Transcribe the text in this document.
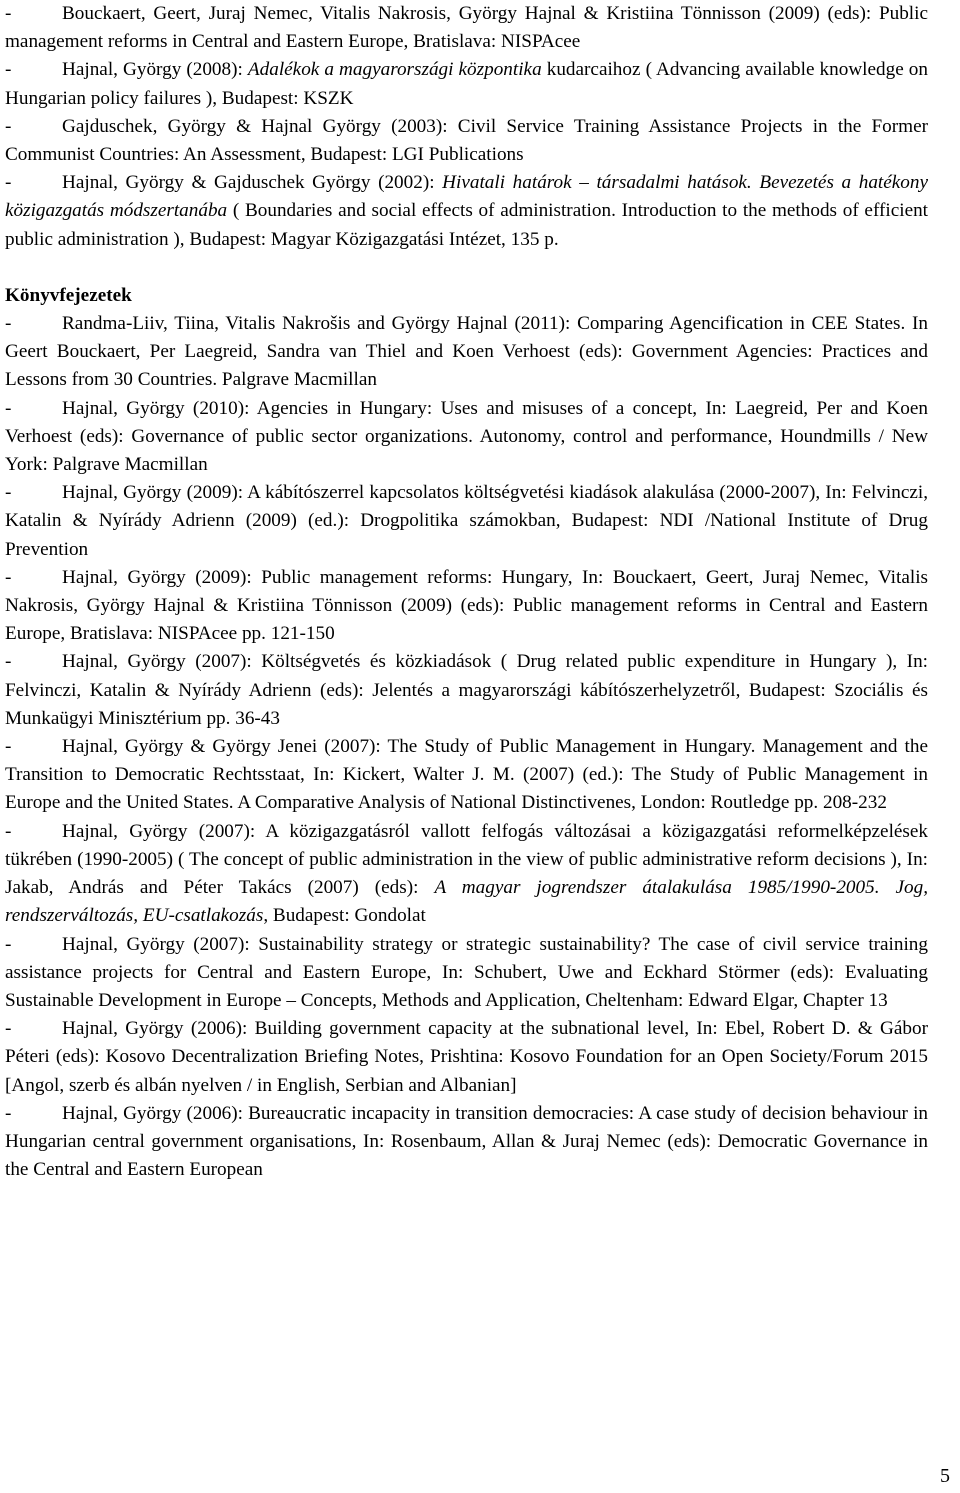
-	Bouckaert, Geert, Juraj Nemec, Vitalis Nakrosis, György Hajnal & Kristiina Tönnisson (2009) (eds): Public management reforms in Central and Eastern Europe, Bratislava: NISPAcee

-	Hajnal, György (2008): Adalékok a magyarországi központika kudarcaihoz ( Advancing available knowledge on Hungarian policy failures ), Budapest: KSZK

-	Gajduschek, György & Hajnal György (2003): Civil Service Training Assistance Projects in the Former Communist Countries: An Assessment, Budapest: LGI Publications

-	Hajnal, György & Gajduschek György (2002): Hivatali határok – társadalmi hatások. Bevezetés a hatékony közigazgatás módszertanába ( Boundaries and social effects of administration. Introduction to the methods of efficient public administration ), Budapest: Magyar Közigazgatási Intézet, 135 p.

Könyvfejezetek

-	Randma-Liiv, Tiina, Vitalis Nakrošis and György Hajnal (2011): Comparing Agencification in CEE States. In Geert Bouckaert, Per Laegreid, Sandra van Thiel and Koen Verhoest (eds): Government Agencies: Practices and Lessons from 30 Countries. Palgrave Macmillan

-	Hajnal, György (2010): Agencies in Hungary: Uses and misuses of a concept, In: Laegreid, Per and Koen Verhoest (eds): Governance of public sector organizations. Autonomy, control and performance, Houndmills / New York: Palgrave Macmillan

-	Hajnal, György (2009): A kábítószerrel kapcsolatos költségvetési kiadások alakulása (2000-2007), In: Felvinczi, Katalin & Nyírády Adrienn (2009) (ed.): Drogpolitika számokban, Budapest: NDI /National Institute of Drug Prevention

-	Hajnal, György (2009): Public management reforms: Hungary, In: Bouckaert, Geert, Juraj Nemec, Vitalis Nakrosis, György Hajnal & Kristiina Tönnisson (2009) (eds): Public management reforms in Central and Eastern Europe, Bratislava: NISPAcee pp. 121-150

-	Hajnal, György (2007): Költségvetés és közkiadások ( Drug related public expenditure in Hungary ), In: Felvinczi, Katalin & Nyírády Adrienn (eds): Jelentés a magyarországi kábítószerhelyzetről, Budapest: Szociális és Munkaügyi Minisztérium pp. 36-43

-	Hajnal, György & György Jenei (2007): The Study of Public Management in Hungary. Management and the Transition to Democratic Rechtsstaat, In: Kickert, Walter J. M. (2007) (ed.): The Study of Public Management in Europe and the United States. A Comparative Analysis of National Distinctivenes, London: Routledge pp. 208-232

-	Hajnal, György (2007): A közigazgatásról vallott felfogás változásai a közigazgatási reformelképzelések tükrében (1990-2005) ( The concept of public administration in the view of public administrative reform decisions ), In: Jakab, András and Péter Takács (2007) (eds): A magyar jogrendszer átalakulása 1985/1990-2005. Jog, rendszerváltozás, EU-csatlakozás, Budapest: Gondolat

-	Hajnal, György (2007): Sustainability strategy or strategic sustainability? The case of civil service training assistance projects for Central and Eastern Europe, In: Schubert, Uwe and Eckhard Störmer (eds): Evaluating Sustainable Development in Europe – Concepts, Methods and Application, Cheltenham: Edward Elgar, Chapter 13

-	Hajnal, György (2006): Building government capacity at the subnational level, In: Ebel, Robert D. & Gábor Péteri (eds): Kosovo Decentralization Briefing Notes, Prishtina: Kosovo Foundation for an Open Society/Forum 2015 [Angol, szerb és albán nyelven / in English, Serbian and Albanian]

-	Hajnal, György (2006): Bureaucratic incapacity in transition democracies: A case study of decision behaviour in Hungarian central government organisations, In: Rosenbaum, Allan & Juraj Nemec (eds): Democratic Governance in the Central and Eastern European

5
